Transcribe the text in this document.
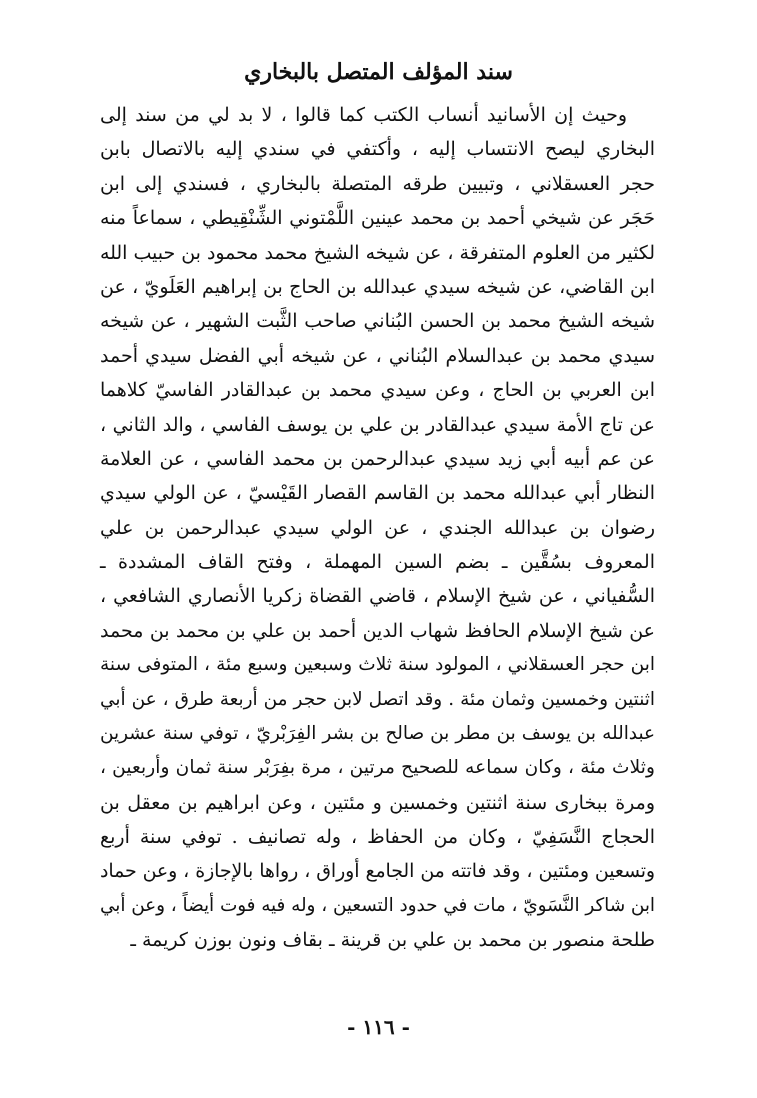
سند المؤلف المتصل بالبخاري
وحيث إن الأسانيد أنساب الكتب كما قالوا ، لا بد لي من سند إلى
البخاري ليصح الانتساب إليه ، وأكتفي في سندي إليه بالاتصال بابن
حجر العسقلاني ، وتبيين طرقه المتصلة بالبخاري ، فسندي إلى ابن
حَجَر عن شيخي أحمد بن محمد عينين اللَّمْتوني الشِّنْقِيطي ، سماعاً منه
لكثير من العلوم المتفرقة ، عن شيخه الشيخ محمد محمود بن حبيب الله
ابن القاضي، عن شيخه سيدي عبدالله بن الحاج بن إبراهيم العَلَويّ ، عن
شيخه الشيخ محمد بن الحسن البُناني صاحب الثَّبت الشهير ، عن شيخه
سيدي محمد بن عبدالسلام البُناني ، عن شيخه أبي الفضل سيدي أحمد
ابن العربي بن الحاج ، وعن سيدي محمد بن عبدالقادر الفاسيّ كلاهما
عن تاج الأمة سيدي عبدالقادر بن علي بن يوسف الفاسي ، والد الثاني ،
عن عم أبيه أبي زيد سيدي عبدالرحمن بن محمد الفاسي ، عن العلامة
النظار أبي عبدالله محمد بن القاسم القصار القَيْسيّ ، عن الولي سيدي
رضوان بن عبدالله الجندي ، عن الولي سيدي عبدالرحمن بن علي
المعروف بسُقَّين ـ بضم السين المهملة ، وفتح القاف المشددة ـ
السُّفياني ، عن شيخ الإسلام ، قاضي القضاة زكريا الأنصاري الشافعي ،
عن شيخ الإسلام الحافظ شهاب الدين أحمد بن علي بن محمد بن محمد
ابن حجر العسقلاني ، المولود سنة ثلاث وسبعين وسبع مئة ، المتوفى سنة
اثنتين وخمسين وثمان مئة . وقد اتصل لابن حجر من أربعة طرق ، عن أبي
عبدالله بن يوسف بن مطر بن صالح بن بشر الفِرَبْريّ ، توفي سنة عشرين
وثلاث مئة ، وكان سماعه للصحيح مرتين ، مرة بفِرَبْر سنة ثمان وأربعين ،
ومرة ببخارى سنة اثنتين وخمسين و مئتين ، وعن ابراهيم بن معقل بن
الحجاج النَّسَفِيّ ، وكان من الحفاظ ، وله تصانيف . توفي سنة أربع
وتسعين ومئتين ، وقد فاتته من الجامع أوراق ، رواها بالإجازة ، وعن حماد
ابن شاكر النَّسَويّ ، مات في حدود التسعين ، وله فيه فوت أيضاً ، وعن أبي
طلحة منصور بن محمد بن علي بن قرينة ـ بقاف ونون بوزن كريمة ـ
- ١١٦ -
